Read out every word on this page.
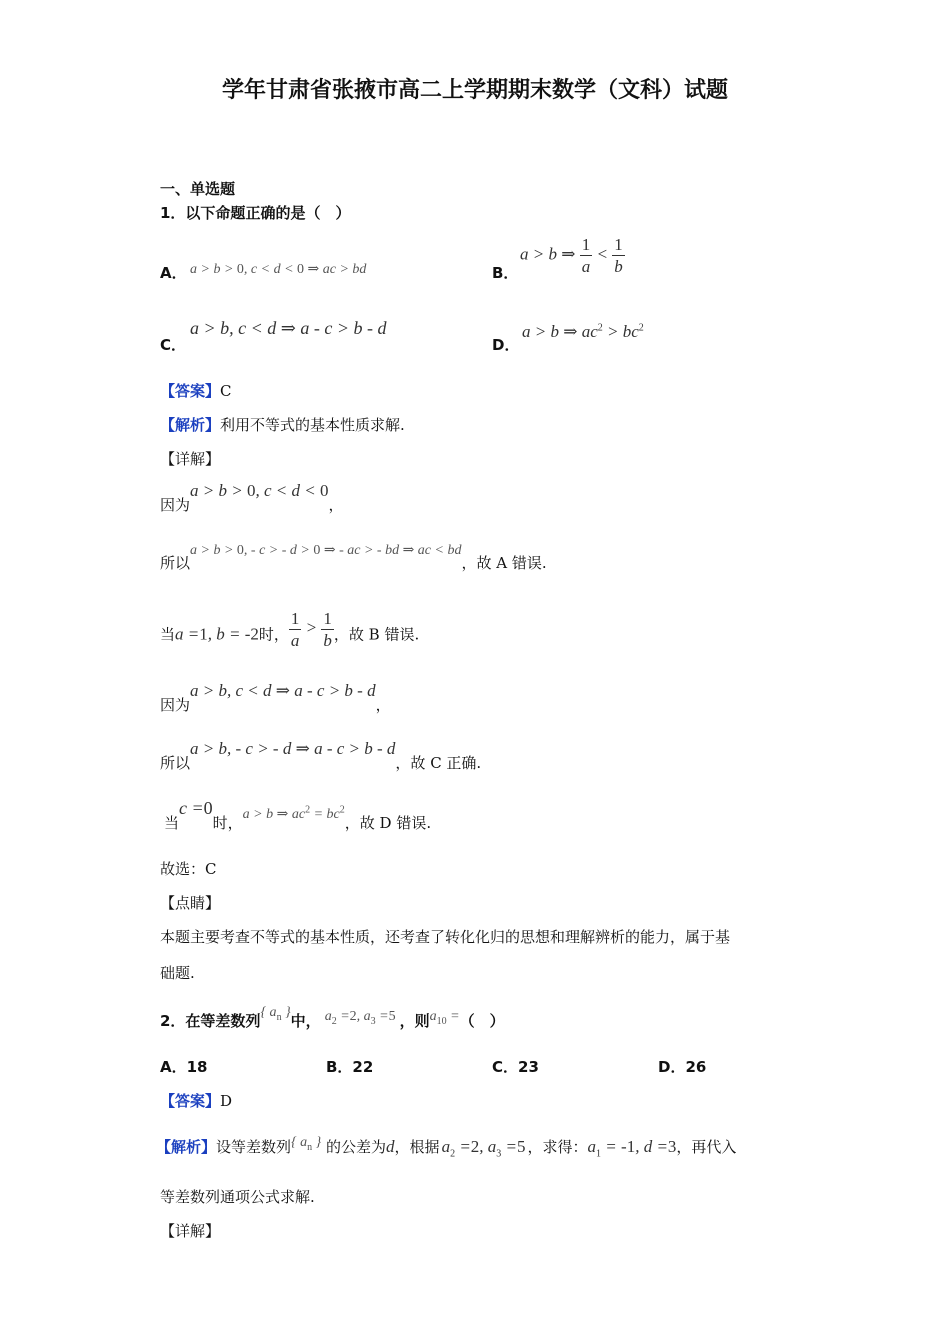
学年甘肃省张掖市高二上学期期末数学（文科）试题
一、单选题
1．以下命题正确的是（　）
A． a > b > 0, c < d < 0 ⇒ ac > bd	B．
a > b ⇒ $\frac{1}{a} < \frac{1}{b}$
C．
a > b, c < d ⇒ a - c > b - d
D．
a > b ⇒ $ac^2 > bc^2$
【答案】C
【解析】利用不等式的基本性质求解.
【详解】
因为a > b > 0, c < d < 0，
所以a > b > 0, - c > - d > 0 ⇒ - ac > - bd ⇒ ac < bd，故 A 错误.
当a =1, b = -2时， $\frac{1}{a} > \frac{1}{b}$ ，故 B 错误.
因为a > b, c < d ⇒ a - c > b - d，
所以a > b, - c > - d ⇒ a - c > b - d，故 C 正确.
当c =0时，a > b ⇒ $ac^2 = bc^2$，故 D 错误.
故选：C
【点睛】
本题主要考查不等式的基本性质，还考查了转化化归的思想和理解辨析的能力，属于基
础题.
2．在等差数列{ $a_n$ }中， $a_2 =2$, $a_3 =5$ ，则$a_{10}$ =（　）
A．18	B．22	C．23	D．26
【答案】D
【解析】设等差数列{ $a_n$ } 的公差为d，根据 $a_2 =2$, $a_3 =5$ ，求得：$a_1 = -1$, d =3，再代入
等差数列通项公式求解.
【详解】
